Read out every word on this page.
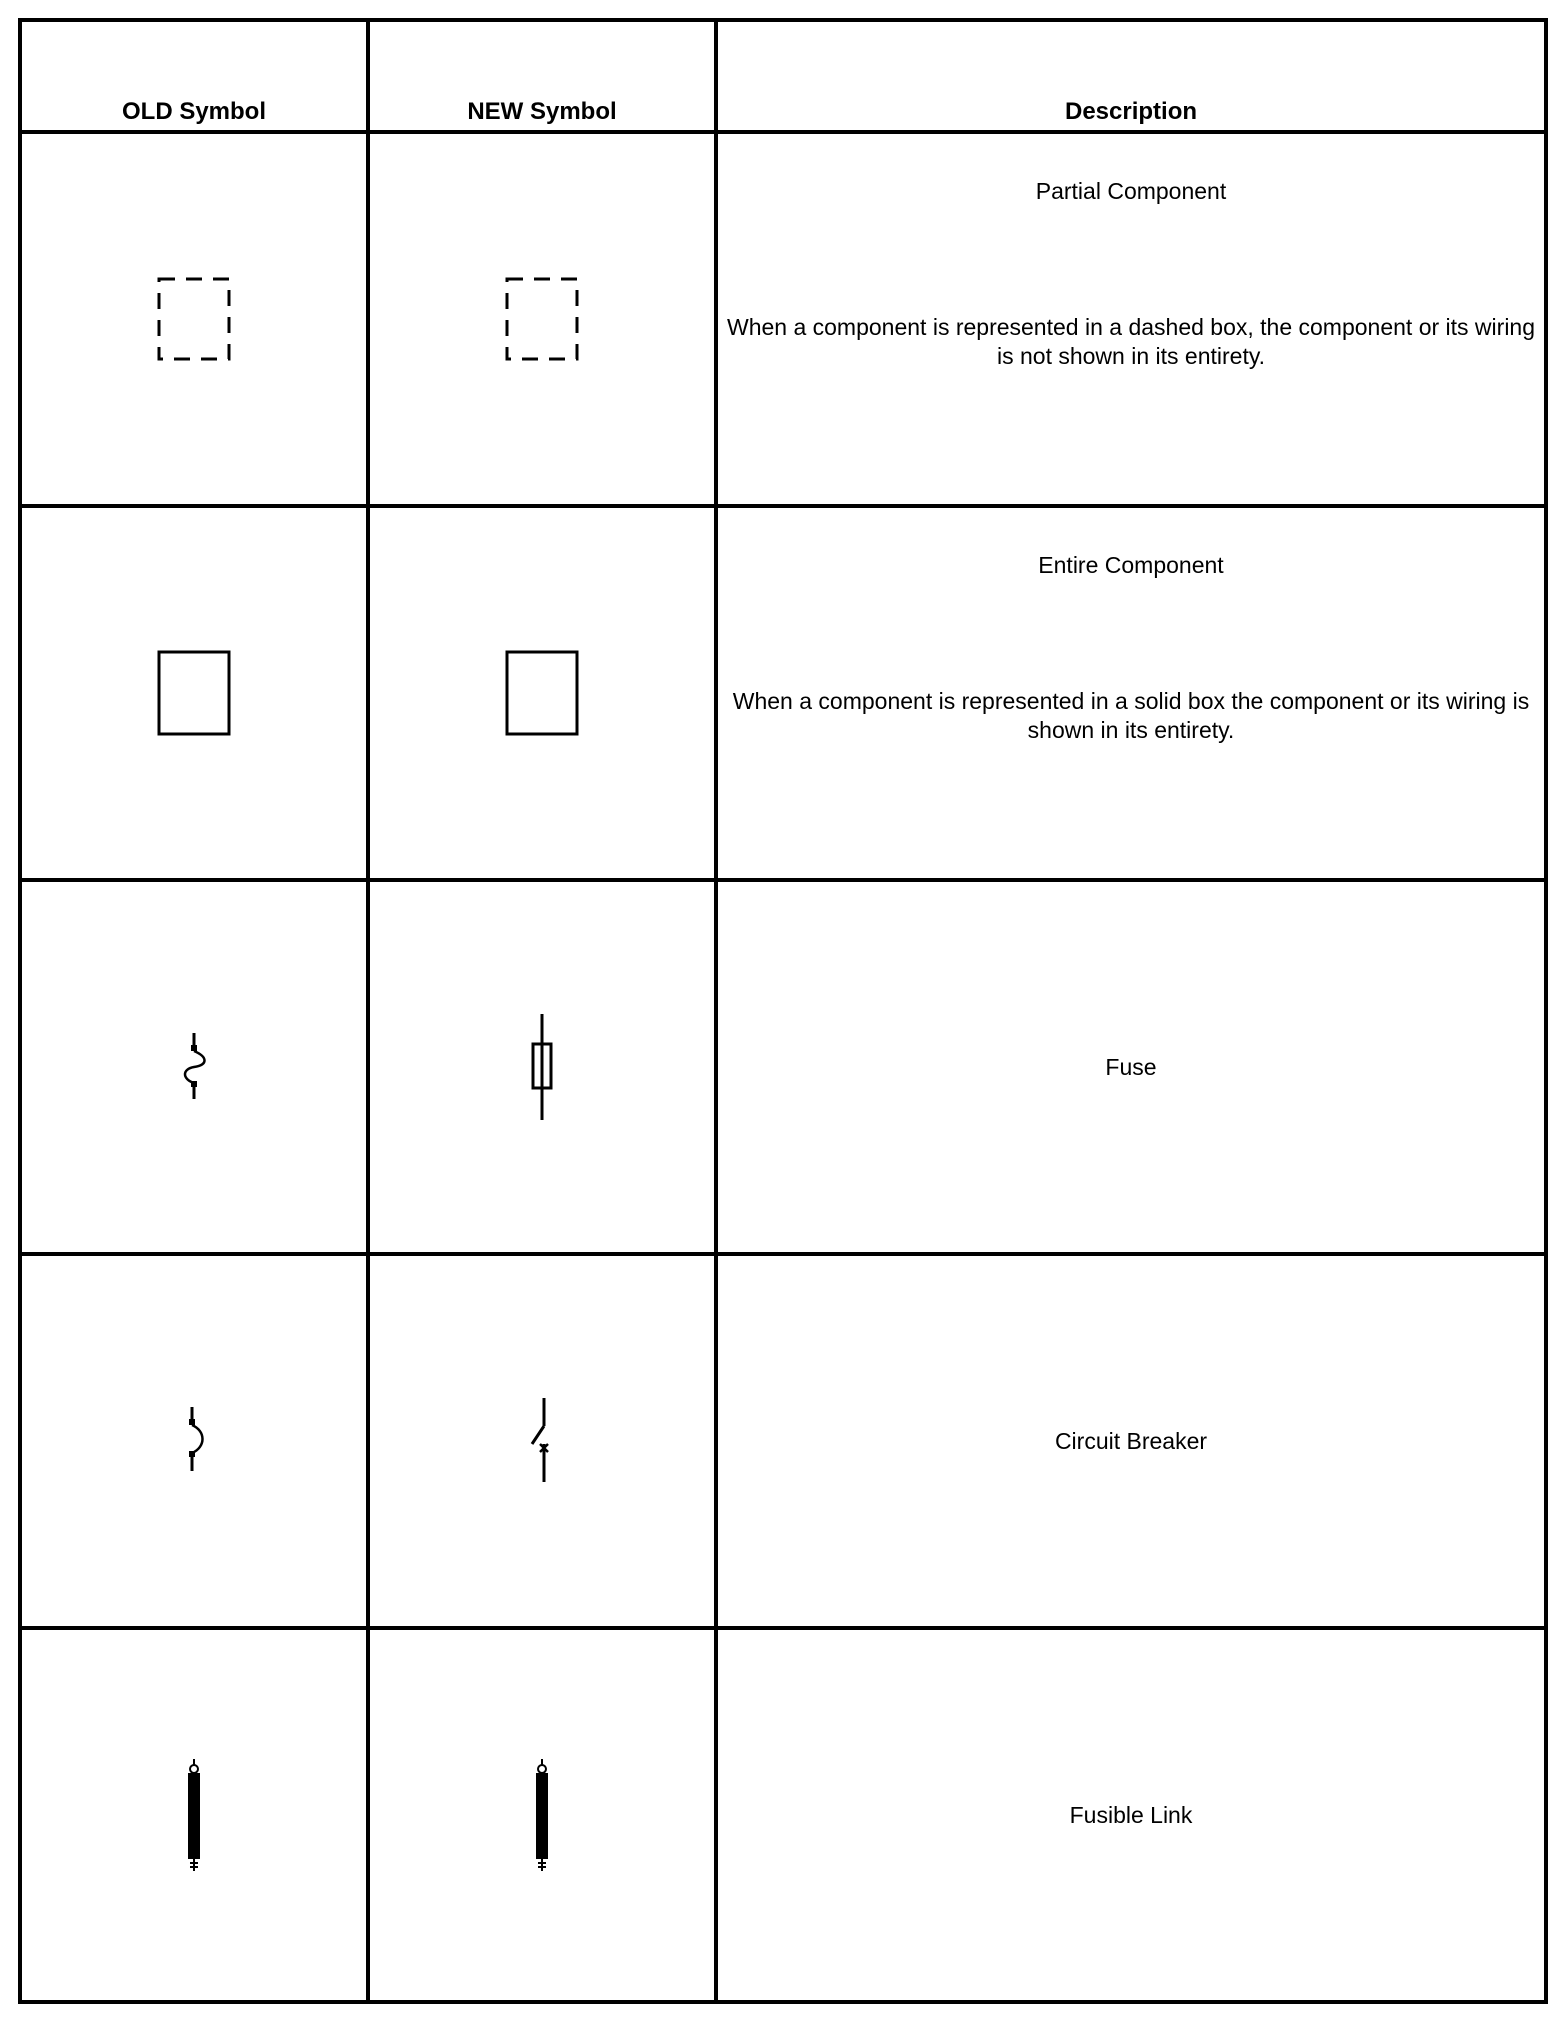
OLD Symbol	NEW Symbol	Description

Partial Component
When a component is represented in a dashed box, the component or its wiring is not shown in its entirety.

Entire Component
When a component is represented in a solid box the component or its wiring is shown in its entirety.

Fuse

Circuit Breaker

Fusible Link
